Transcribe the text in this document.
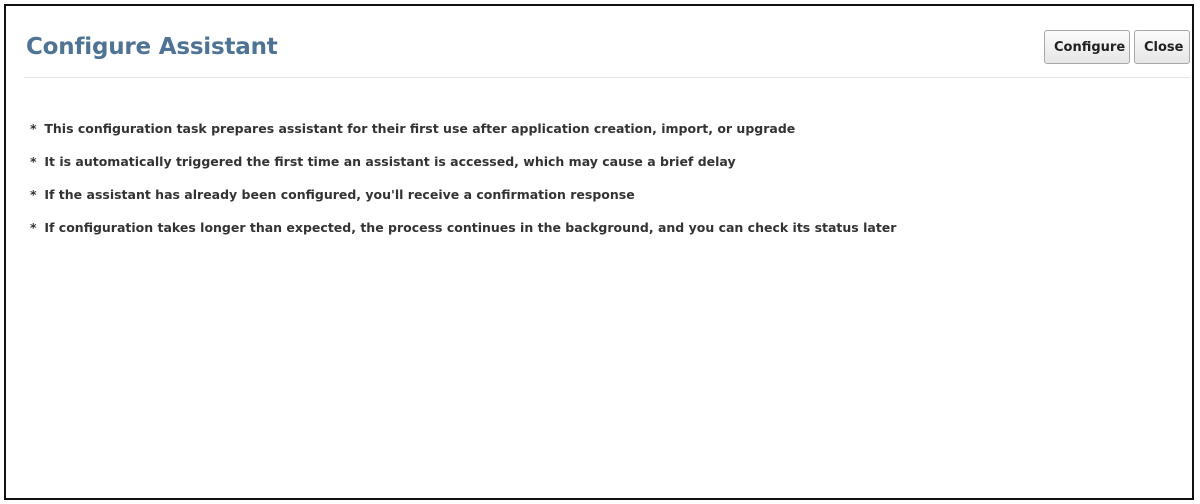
Configure Assistant	Configure	Close
* This configuration task prepares assistant for their first use after application creation, import, or upgrade
* It is automatically triggered the first time an assistant is accessed, which may cause a brief delay
* If the assistant has already been configured, you'll receive a confirmation response
* If configuration takes longer than expected, the process continues in the background, and you can check its status later
